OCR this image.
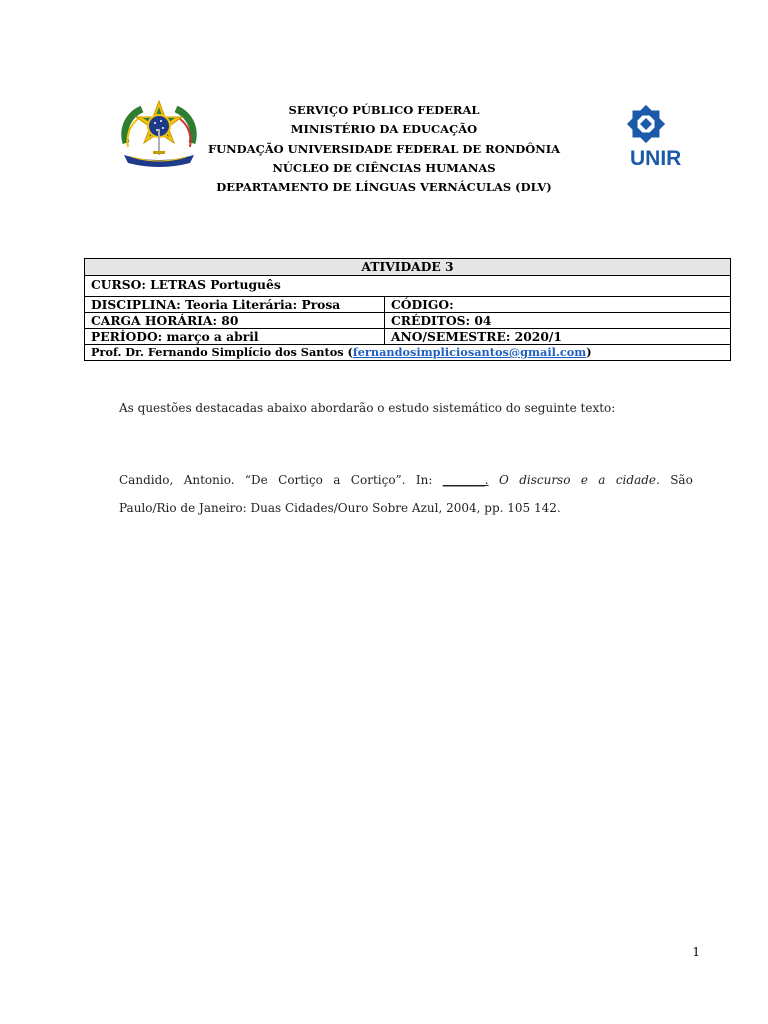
UNIR
SERVIÇO PÚBLICO FEDERAL
MINISTÉRIO DA EDUCAÇÃO
FUNDAÇÃO UNIVERSIDADE FEDERAL DE RONDÔNIA
NÚCLEO DE CIÊNCIAS HUMANAS
DEPARTAMENTO DE LÍNGUAS VERNÁCULAS (DLV)
ATIVIDADE 3	
CURSO: LETRAS Português	
DISCIPLINA: Teoria Literária: Prosa	CÓDIGO:
CARGA HORÁRIA: 80	CRÉDITOS: 04
PERÍODO: março a abril	ANO/SEMESTRE: 2020/1
Prof. Dr. Fernando Simplício dos Santos (fernandosimpliciosantos@gmail.com)	
As questões destacadas abaixo abordarão o estudo sistemático do seguinte texto:
Candido, Antonio. “De Cortiço a Cortiço”. In: _______. O discurso e a cidade. São
Paulo/Rio de Janeiro: Duas Cidades/Ouro Sobre Azul, 2004, pp. 105 142.
1
